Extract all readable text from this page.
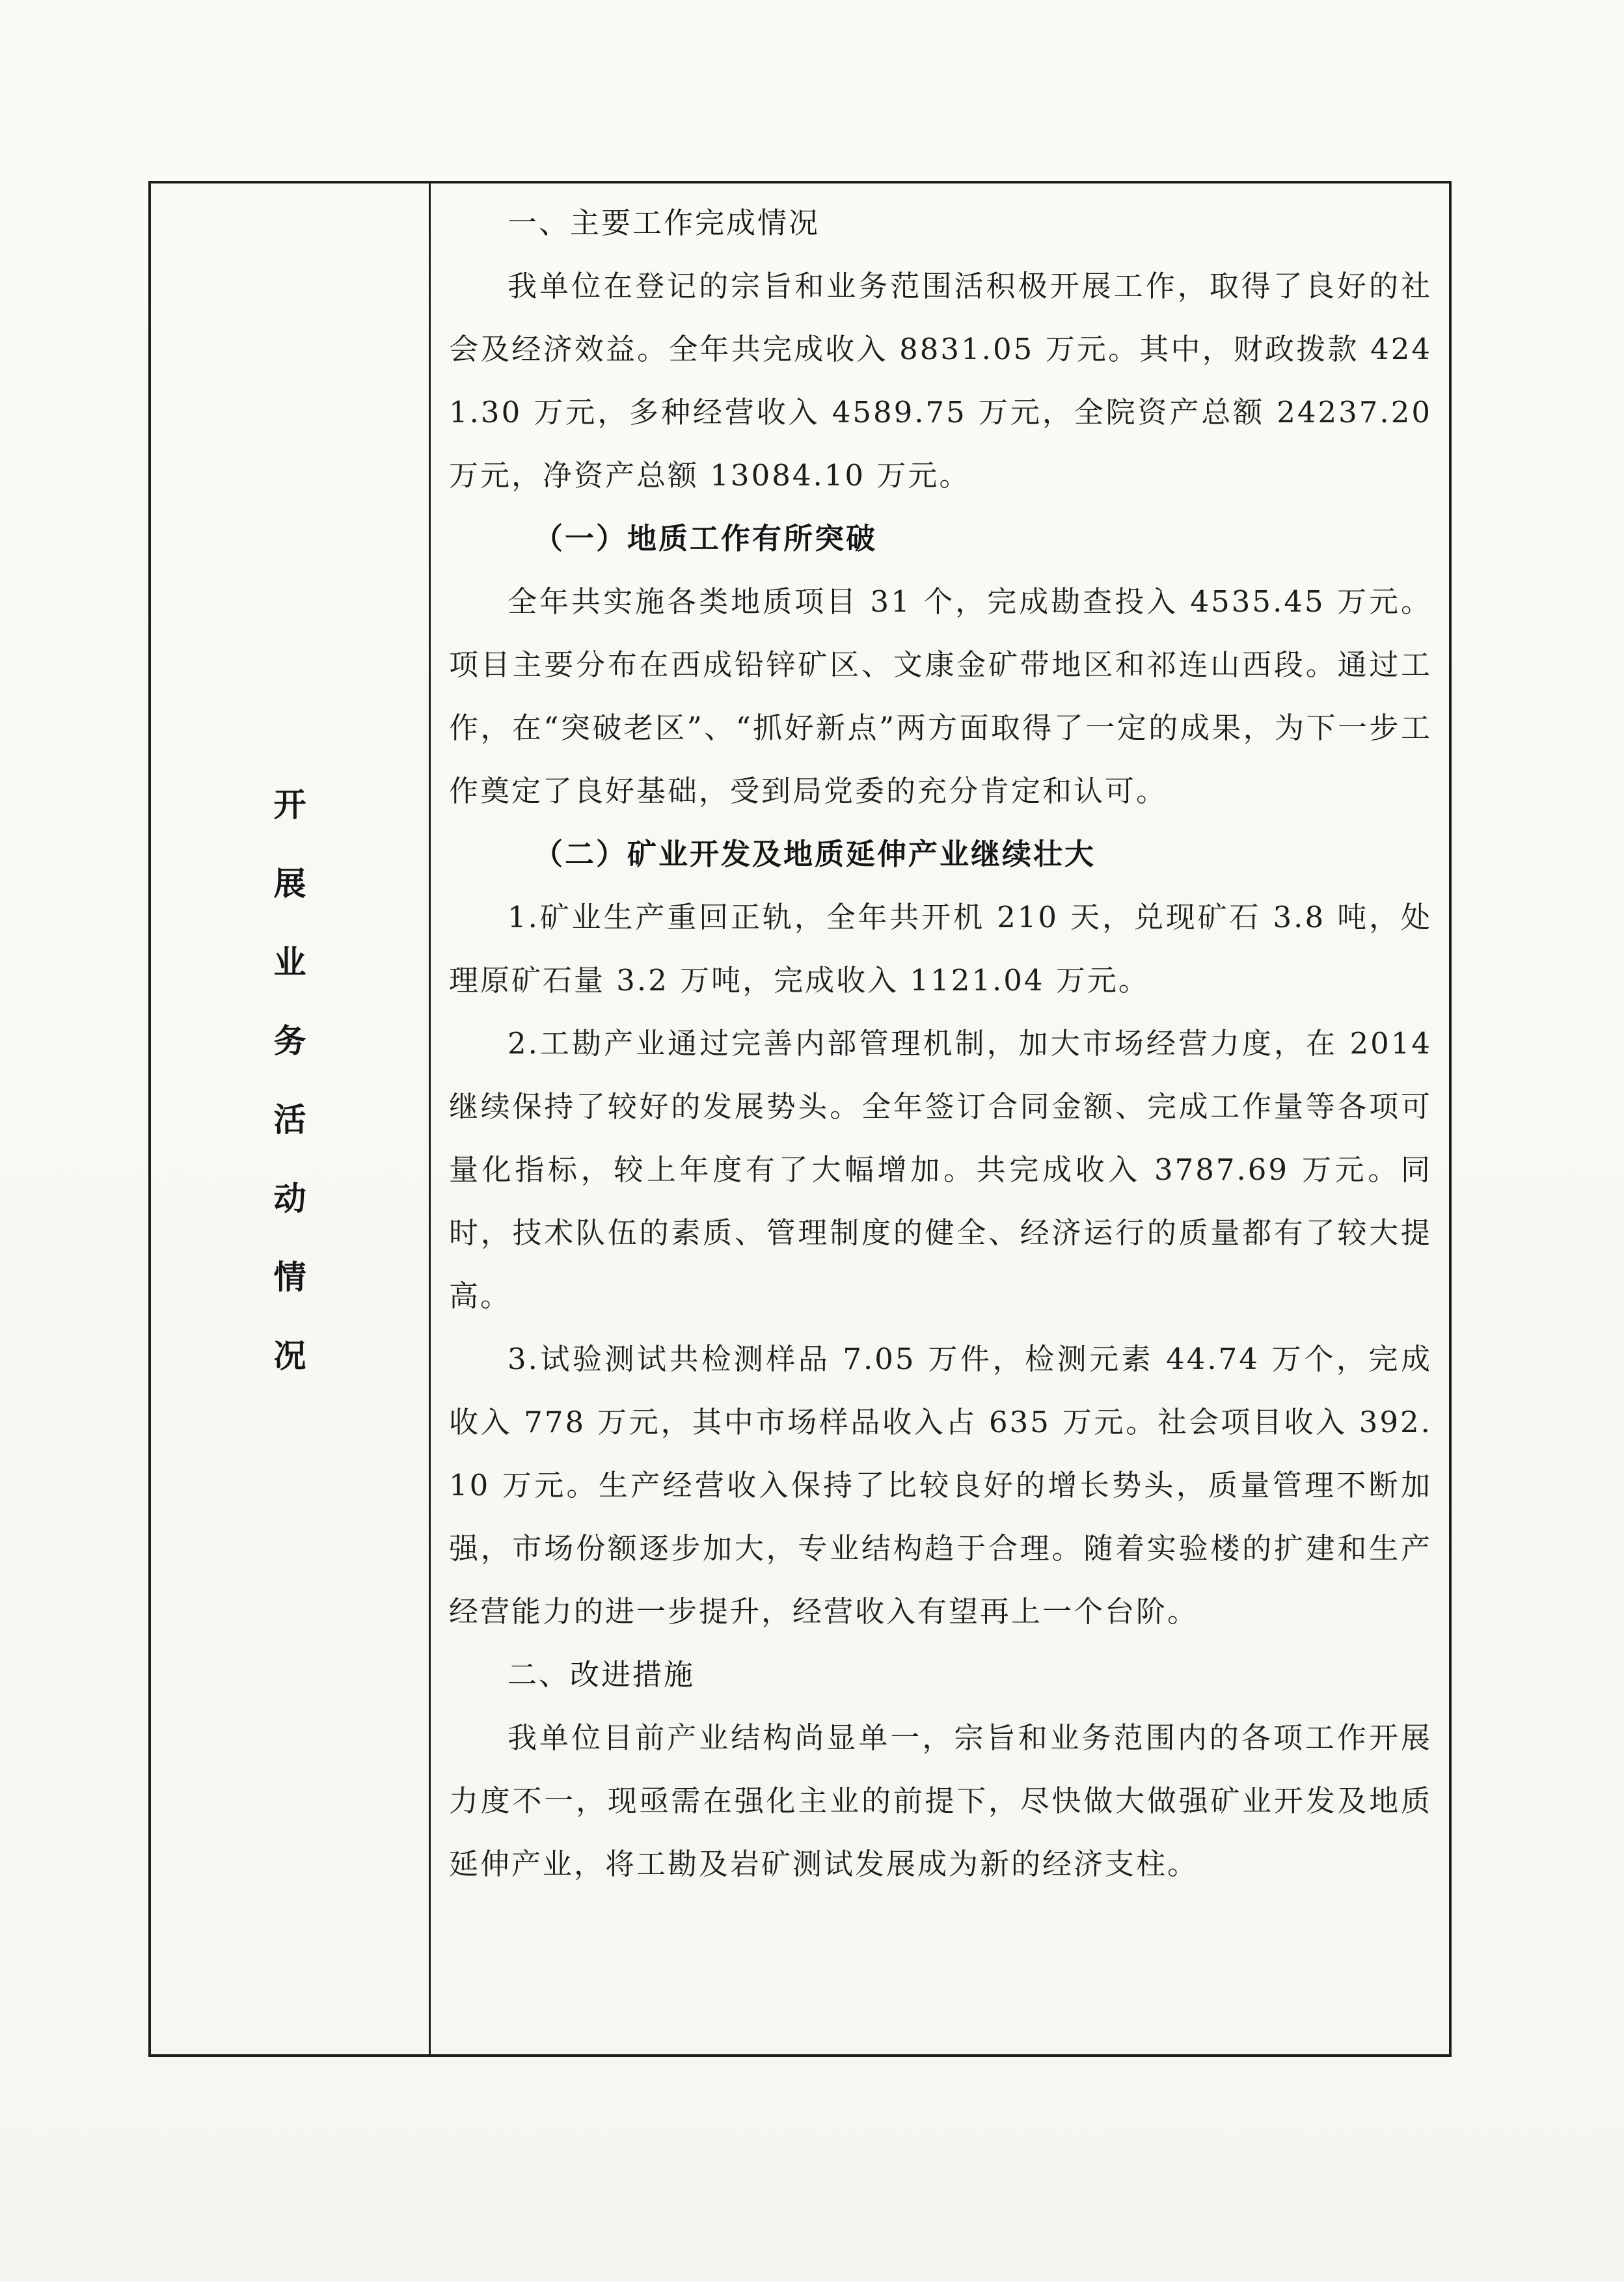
开
展
业
务
活
动
情
况

一、主要工作完成情况

我单位在登记的宗旨和业务范围活积极开展工作，取得了良好的社会及经济效益。全年共完成收入 8831.05 万元。其中，财政拨款 4241.30 万元，多种经营收入 4589.75 万元，全院资产总额 24237.20 万元，净资产总额 13084.10 万元。

（一）地质工作有所突破

全年共实施各类地质项目 31 个，完成勘查投入 4535.45 万元。项目主要分布在西成铅锌矿区、文康金矿带地区和祁连山西段。通过工作，在“突破老区”、“抓好新点”两方面取得了一定的成果，为下一步工作奠定了良好基础，受到局党委的充分肯定和认可。

（二）矿业开发及地质延伸产业继续壮大

1.矿业生产重回正轨，全年共开机 210 天，兑现矿石 3.8 吨，处理原矿石量 3.2 万吨，完成收入 1121.04 万元。

2.工勘产业通过完善内部管理机制，加大市场经营力度，在 2014 继续保持了较好的发展势头。全年签订合同金额、完成工作量等各项可量化指标，较上年度有了大幅增加。共完成收入 3787.69 万元。同时，技术队伍的素质、管理制度的健全、经济运行的质量都有了较大提高。

3.试验测试共检测样品 7.05 万件，检测元素 44.74 万个，完成收入 778 万元，其中市场样品收入占 635 万元。社会项目收入 392.10 万元。生产经营收入保持了比较良好的增长势头，质量管理不断加强，市场份额逐步加大，专业结构趋于合理。随着实验楼的扩建和生产经营能力的进一步提升，经营收入有望再上一个台阶。

二、改进措施

我单位目前产业结构尚显单一，宗旨和业务范围内的各项工作开展力度不一，现亟需在强化主业的前提下，尽快做大做强矿业开发及地质延伸产业，将工勘及岩矿测试发展成为新的经济支柱。
